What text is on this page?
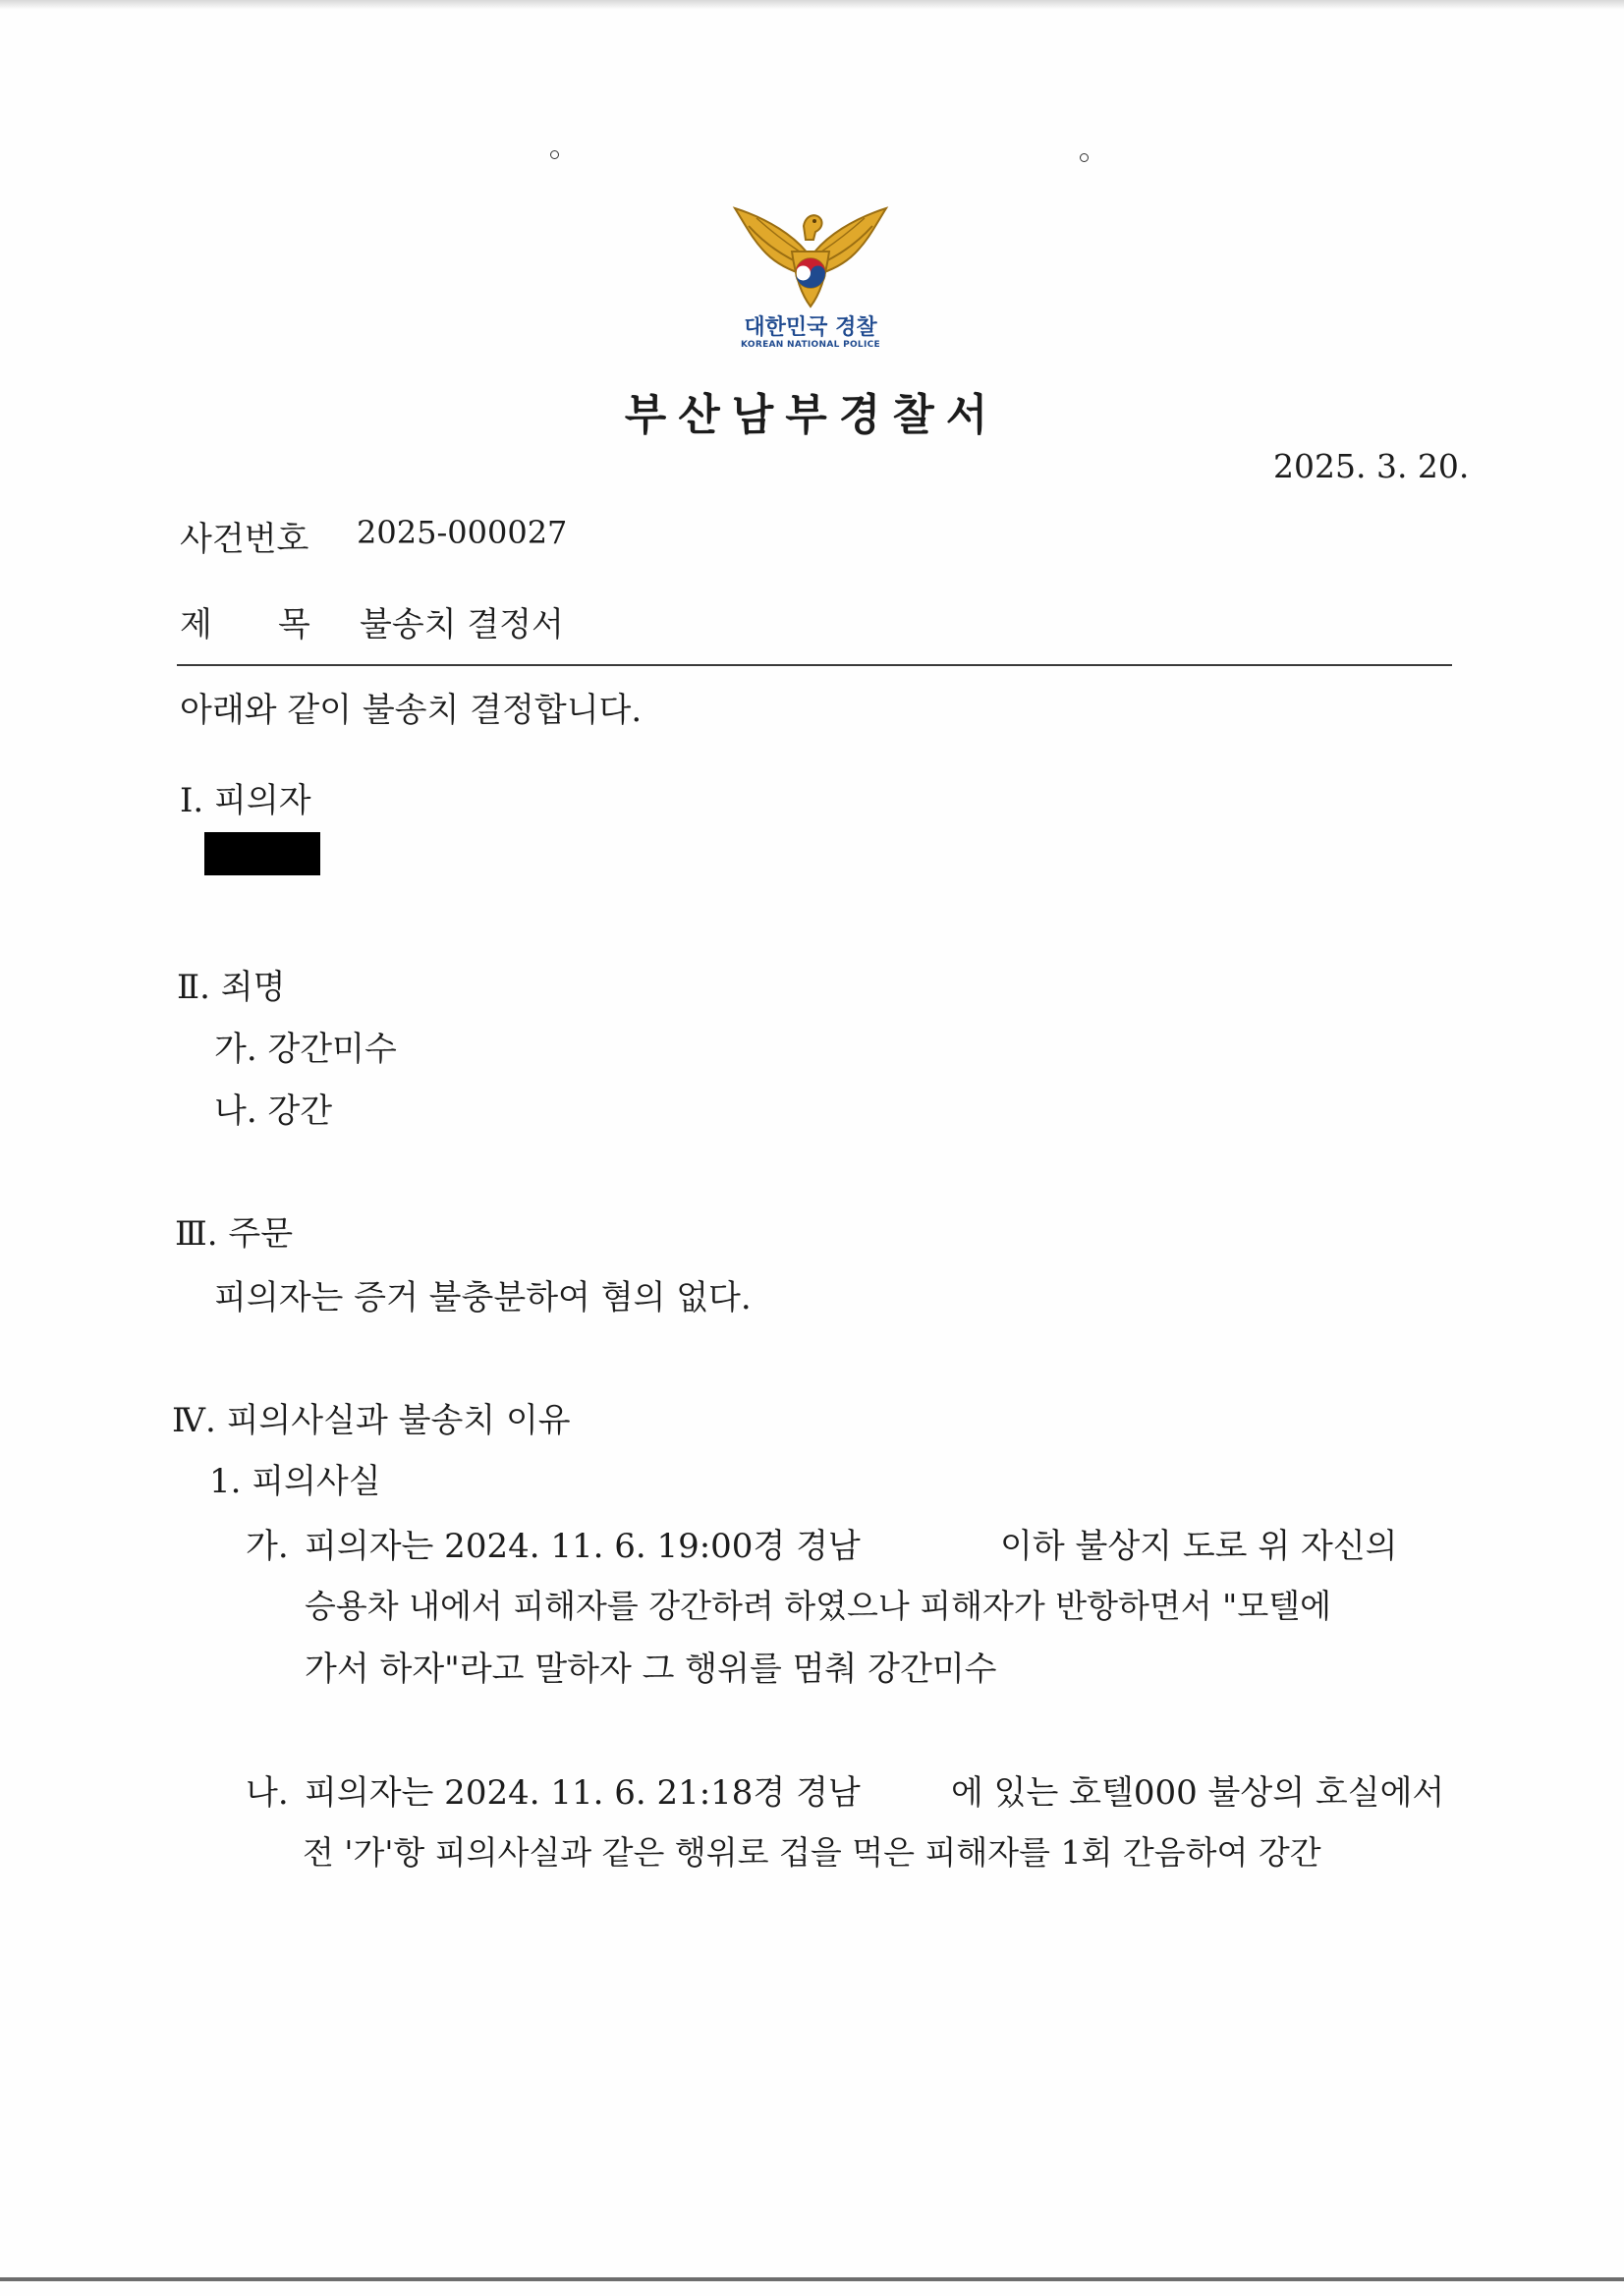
대한민국 경찰
KOREAN NATIONAL POLICE
부산남부경찰서
2025. 3. 20.
사건번호 2025-000027
제 목 불송치 결정서
아래와 같이 불송치 결정합니다.
Ⅰ. 피의자
Ⅱ. 죄명
가. 강간미수
나. 강간
Ⅲ. 주문
피의자는 증거 불충분하여 혐의 없다.
Ⅳ. 피의사실과 불송치 이유
1. 피의사실
가. 피의자는 2024. 11. 6. 19:00경 경남	이하 불상지 도로 위 자신의
승용차 내에서 피해자를 강간하려 하였으나 피해자가 반항하면서 "모텔에
가서 하자"라고 말하자 그 행위를 멈춰 강간미수
나. 피의자는 2024. 11. 6. 21:18경 경남	에 있는 호텔000 불상의 호실에서
전 '가'항 피의사실과 같은 행위로 겁을 먹은 피해자를 1회 간음하여 강간
